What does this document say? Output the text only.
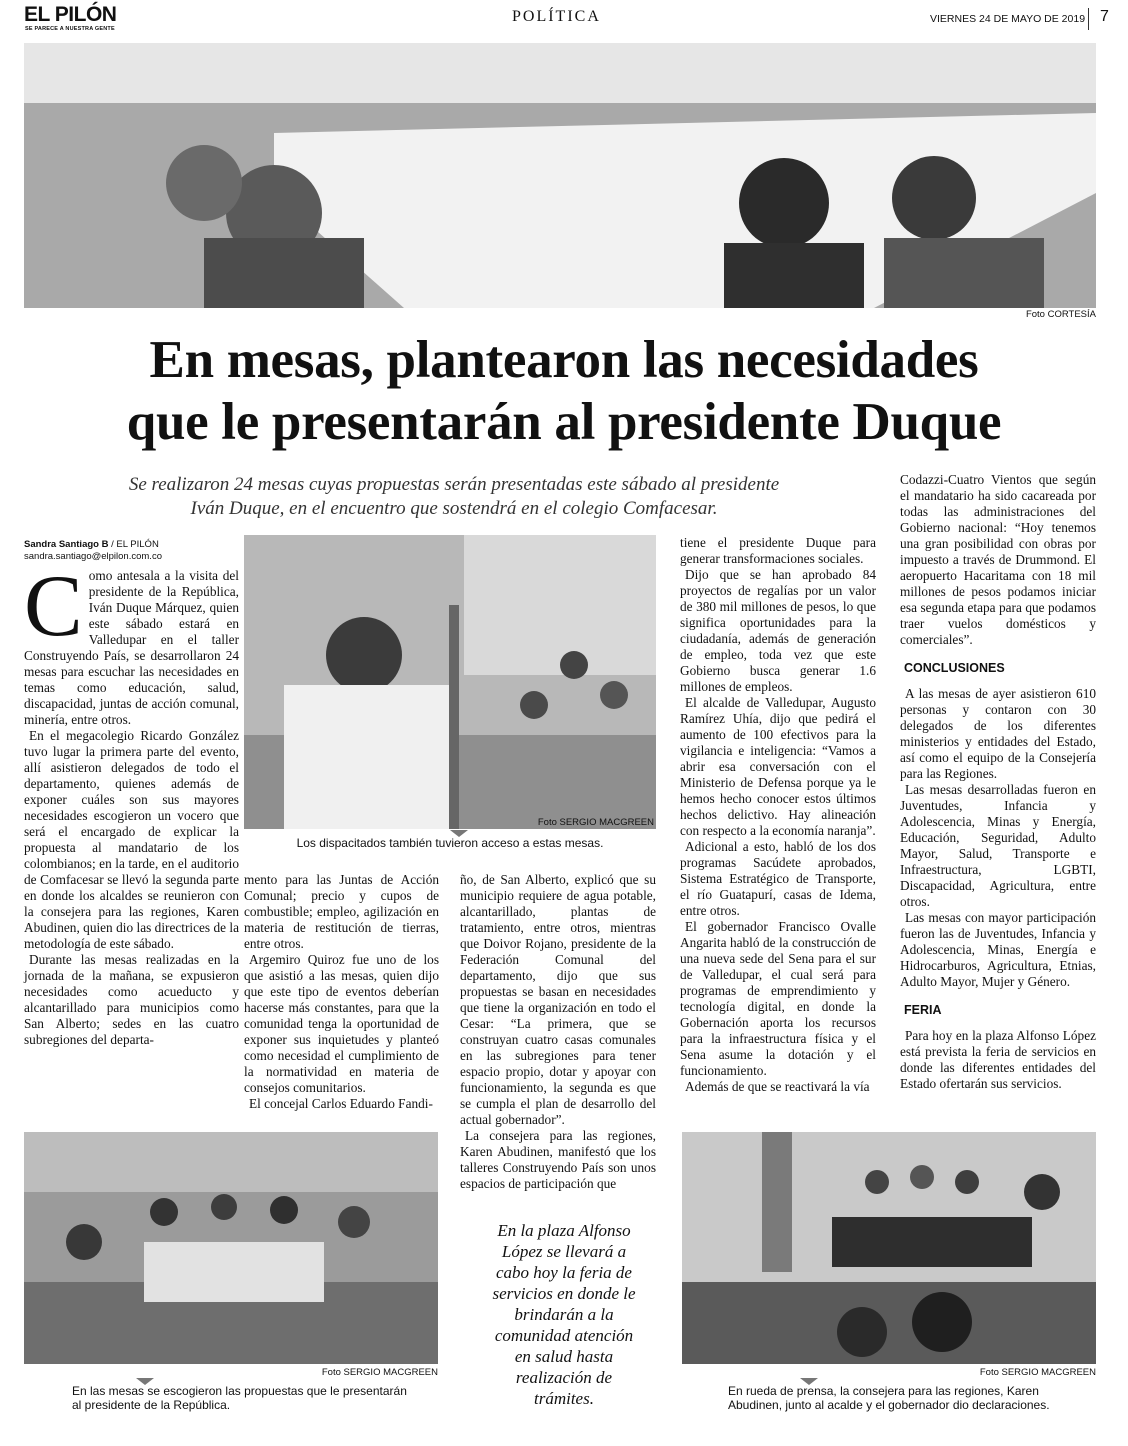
EL PILÓN
SE PARECE A NUESTRA GENTE
POLÍTICA	VIERNES 24 DE MAYO DE 2019 7
Foto CORTESÍA
En mesas, plantearon las necesidades
que le presentarán al presidente Duque
Se realizaron 24 mesas cuyas propuestas serán presentadas este sábado al presidente
Iván Duque, en el encuentro que sostendrá en el colegio Comfacesar.
Sandra Santiago B / EL PILÓN
sandra.santiago@elpilon.com.co
C omo antesala a la visita del presidente de la República, Iván Duque Márquez, quien este sábado estará en Valledupar en el taller Construyendo País, se desarrollaron 24 mesas para escuchar las necesidades en temas como educación, salud, discapacidad, juntas de acción comunal, minería, entre otros.

En el megacolegio Ricardo González tuvo lugar la primera parte del evento, allí asistieron delegados de todo el departamento, quienes además de exponer cuáles son sus mayores necesidades escogieron un vocero que será el encargado de explicar la propuesta al mandatario de los colombianos; en la tarde, en el auditorio de Comfacesar se llevó la segunda parte en donde los alcaldes se reunieron con la consejera para las regiones, Karen Abudinen, quien dio las directrices de la metodología de este sábado.

Durante las mesas realizadas en la jornada de la mañana, se expusieron necesidades como acueducto y alcantarillado para municipios como San Alberto; sedes en las cuatro subregiones del departa-

Foto SERGIO MACGREEN
Los dispacitados también tuvieron acceso a estas mesas.

mento para las Juntas de Acción Comunal; precio y cupos de combustible; empleo, agilización en materia de restitución de tierras, entre otros.

Argemiro Quiroz fue uno de los que asistió a las mesas, quien dijo que este tipo de eventos deberían hacerse más constantes, para que la comunidad tenga la oportunidad de exponer sus inquietudes y planteó como necesidad el cumplimiento de la normatividad en materia de consejos comunitarios.

El concejal Carlos Eduardo Fandi-

ño, de San Alberto, explicó que su municipio requiere de agua potable, alcantarillado, plantas de tratamiento, entre otros, mientras que Doivor Rojano, presidente de la Federación Comunal del departamento, dijo que sus propuestas se basan en necesidades que tiene la organización en todo el Cesar: “La primera, que se construyan cuatro casas comunales en las subregiones para tener espacio propio, dotar y apoyar con funcionamiento, la segunda es que se cumpla el plan de desarrollo del actual gobernador”.

La consejera para las regiones, Karen Abudinen, manifestó que los talleres Construyendo País son unos espacios de participación que

tiene el presidente Duque para generar transformaciones sociales.

Dijo que se han aprobado 84 proyectos de regalías por un valor de 380 mil millones de pesos, lo que significa oportunidades para la ciudadanía, además de generación de empleo, toda vez que este Gobierno busca generar 1.6 millones de empleos.

El alcalde de Valledupar, Augusto Ramírez Uhía, dijo que pedirá el aumento de 100 efectivos para la vigilancia e inteligencia: “Vamos a abrir esa conversación con el Ministerio de Defensa porque ya le hemos hecho conocer estos últimos hechos delictivo. Hay alineación con respecto a la economía naranja”.

Adicional a esto, habló de los dos programas Sacúdete aprobados, Sistema Estratégico de Transporte, el río Guatapurí, casas de Idema, entre otros.

El gobernador Francisco Ovalle Angarita habló de la construcción de una nueva sede del Sena para el sur de Valledupar, el cual será para programas de emprendimiento y tecnología digital, en donde la Gobernación aporta los recursos para la infraestructura física y el Sena asume la dotación y el funcionamiento.

Además de que se reactivará la vía

Codazzi-Cuatro Vientos que según el mandatario ha sido cacareada por todas las administraciones del Gobierno nacional: “Hoy tenemos una gran posibilidad con obras por impuesto a través de Drummond. El aeropuerto Hacaritama con 18 mil millones de pesos podamos iniciar esa segunda etapa para que podamos traer vuelos domésticos y comerciales”.

CONCLUSIONES

A las mesas de ayer asistieron 610 personas y contaron con 30 delegados de los diferentes ministerios y entidades del Estado, así como el equipo de la Consejería para las Regiones.

Las mesas desarrolladas fueron en Juventudes, Infancia y Adolescencia, Minas y Energía, Educación, Seguridad, Adulto Mayor, Salud, Transporte e Infraestructura, LGBTI, Discapacidad, Agricultura, entre otros.

Las mesas con mayor participación fueron las de Juventudes, Infancia y Adolescencia, Minas, Energía e Hidrocarburos, Agricultura, Etnias, Adulto Mayor, Mujer y Género.

FERIA

Para hoy en la plaza Alfonso López está prevista la feria de servicios en donde las diferentes entidades del Estado ofertarán sus servicios.

Foto SERGIO MACGREEN
En las mesas se escogieron las propuestas que le presentarán al presidente de la República.
En la plaza Alfonso López se llevará a cabo hoy la feria de servicios en donde le brindarán a la comunidad atención en salud hasta realización de trámites.
Foto SERGIO MACGREEN
En rueda de prensa, la consejera para las regiones, Karen Abudinen, junto al acalde y el gobernador dio declaraciones.
